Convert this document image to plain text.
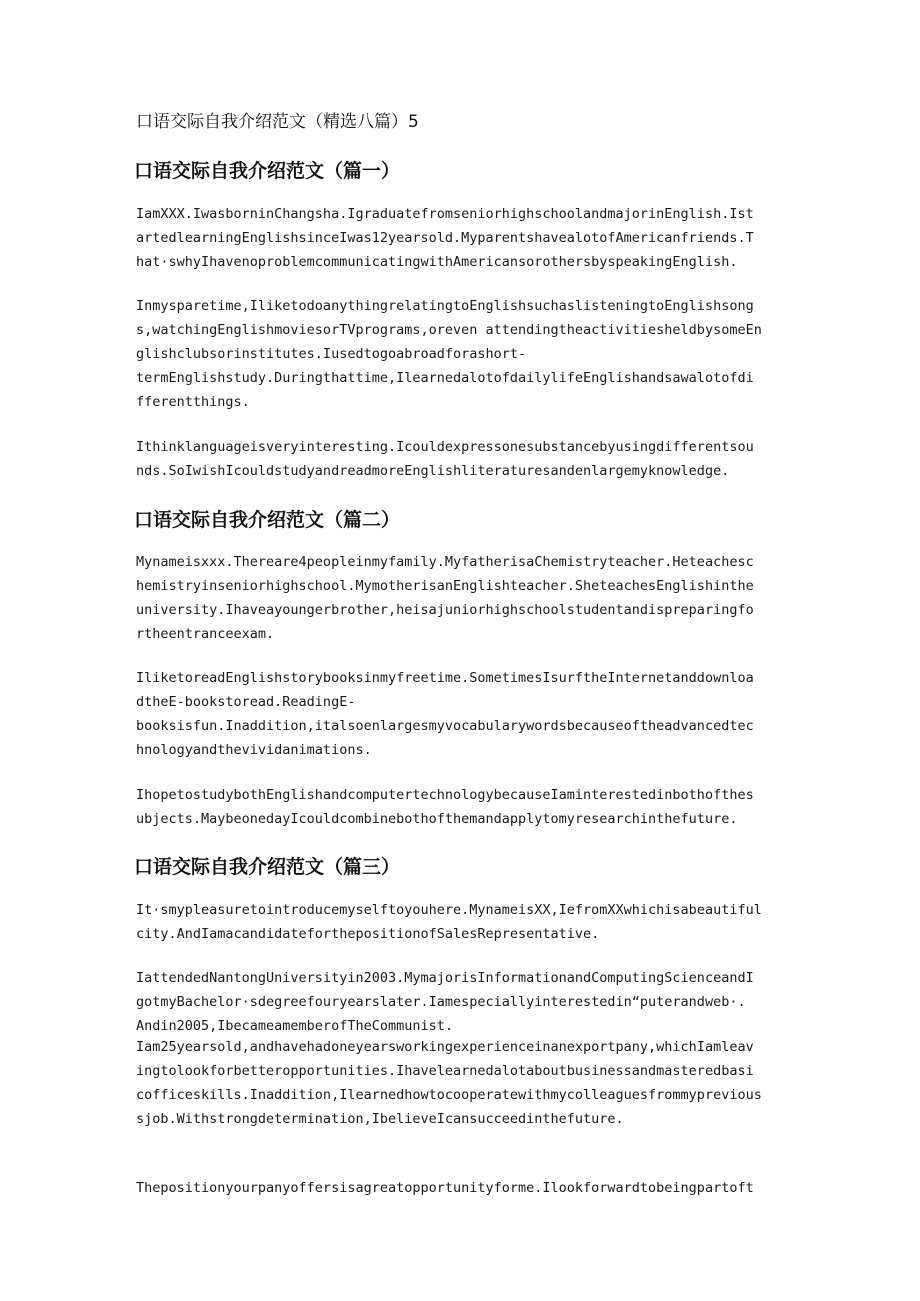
口语交际自我介绍范文（精选八篇）5
口语交际自我介绍范文（篇一）

IamXXX.IwasborninChangsha.IgraduatefromseniorhighschoolandmajorinEnglish.Ist
artedlearningEnglishsinceIwas12yearsold.MyparentshavealotofAmericanfriends.T
hat·swhyIhavenoproblemcommunicatingwithAmericansorothersbyspeakingEnglish.

Inmysparetime,IliketodoanythingrelatingtoEnglishsuchaslisteningtoEnglishsong
s,watchingEnglishmoviesorTVprograms,oreven attendingtheactivitiesheldbysomeEn
glishclubsorinstitutes.Iusedtogoabroadforashort-
termEnglishstudy.Duringthattime,IlearnedalotofdailylifeEnglishandsawalotofdi
fferentthings.

Ithinklanguageisveryinteresting.Icouldexpressonesubstancebyusingdifferentsou
nds.SoIwishIcouldstudyandreadmoreEnglishliteraturesandenlargemyknowledge.

口语交际自我介绍范文（篇二）

Mynameisxxx.Thereare4peopleinmyfamily.MyfatherisaChemistryteacher.Heteachesc
hemistryinseniorhighschool.MymotherisanEnglishteacher.SheteachesEnglishinthe
university.Ihaveayoungerbrother,heisajuniorhighschoolstudentandispreparingfo
rtheentranceexam.

IliketoreadEnglishstorybooksinmyfreetime.SometimesIsurftheInternetanddownloa
dtheE-bookstoread.ReadingE-
booksisfun.Inaddition,italsoenlargesmyvocabularywordsbecauseoftheadvancedtec
hnologyandthevividanimations.

IhopetostudybothEnglishandcomputertechnologybecauseIaminterestedinbothofthes
ubjects.MaybeonedayIcouldcombinebothofthemandapplytomyresearchinthefuture.

口语交际自我介绍范文（篇三）

It·smypleasuretointroducemyselftoyouhere.MynameisXX,IefromXXwhichisabeautiful
city.AndIamacandidateforthepositionofSalesRepresentative.

IattendedNantongUniversityin2003.MymajorisInformationandComputingScienceandI
gotmyBachelor·sdegreefouryearslater.Iamespeciallyinterestedin“puterandweb·.
Andin2005,IbecameamemberofTheCommunist.

Iam25yearsold,andhavehadoneyearsworkingexperienceinanexportpany,whichIamleav
ingtolookforbetteropportunities.Ihavelearnedalotaboutbusinessandmasteredbasi
cofficeskills.Inaddition,Ilearnedhowtocooperatewithmycolleaguesfrommyprevious
sjob.Withstrongdetermination,IbelieveIcansucceedinthefuture.

Thepositionyourpanyoffersisagreatopportunityforme.Ilookforwardtobeingpartoft
